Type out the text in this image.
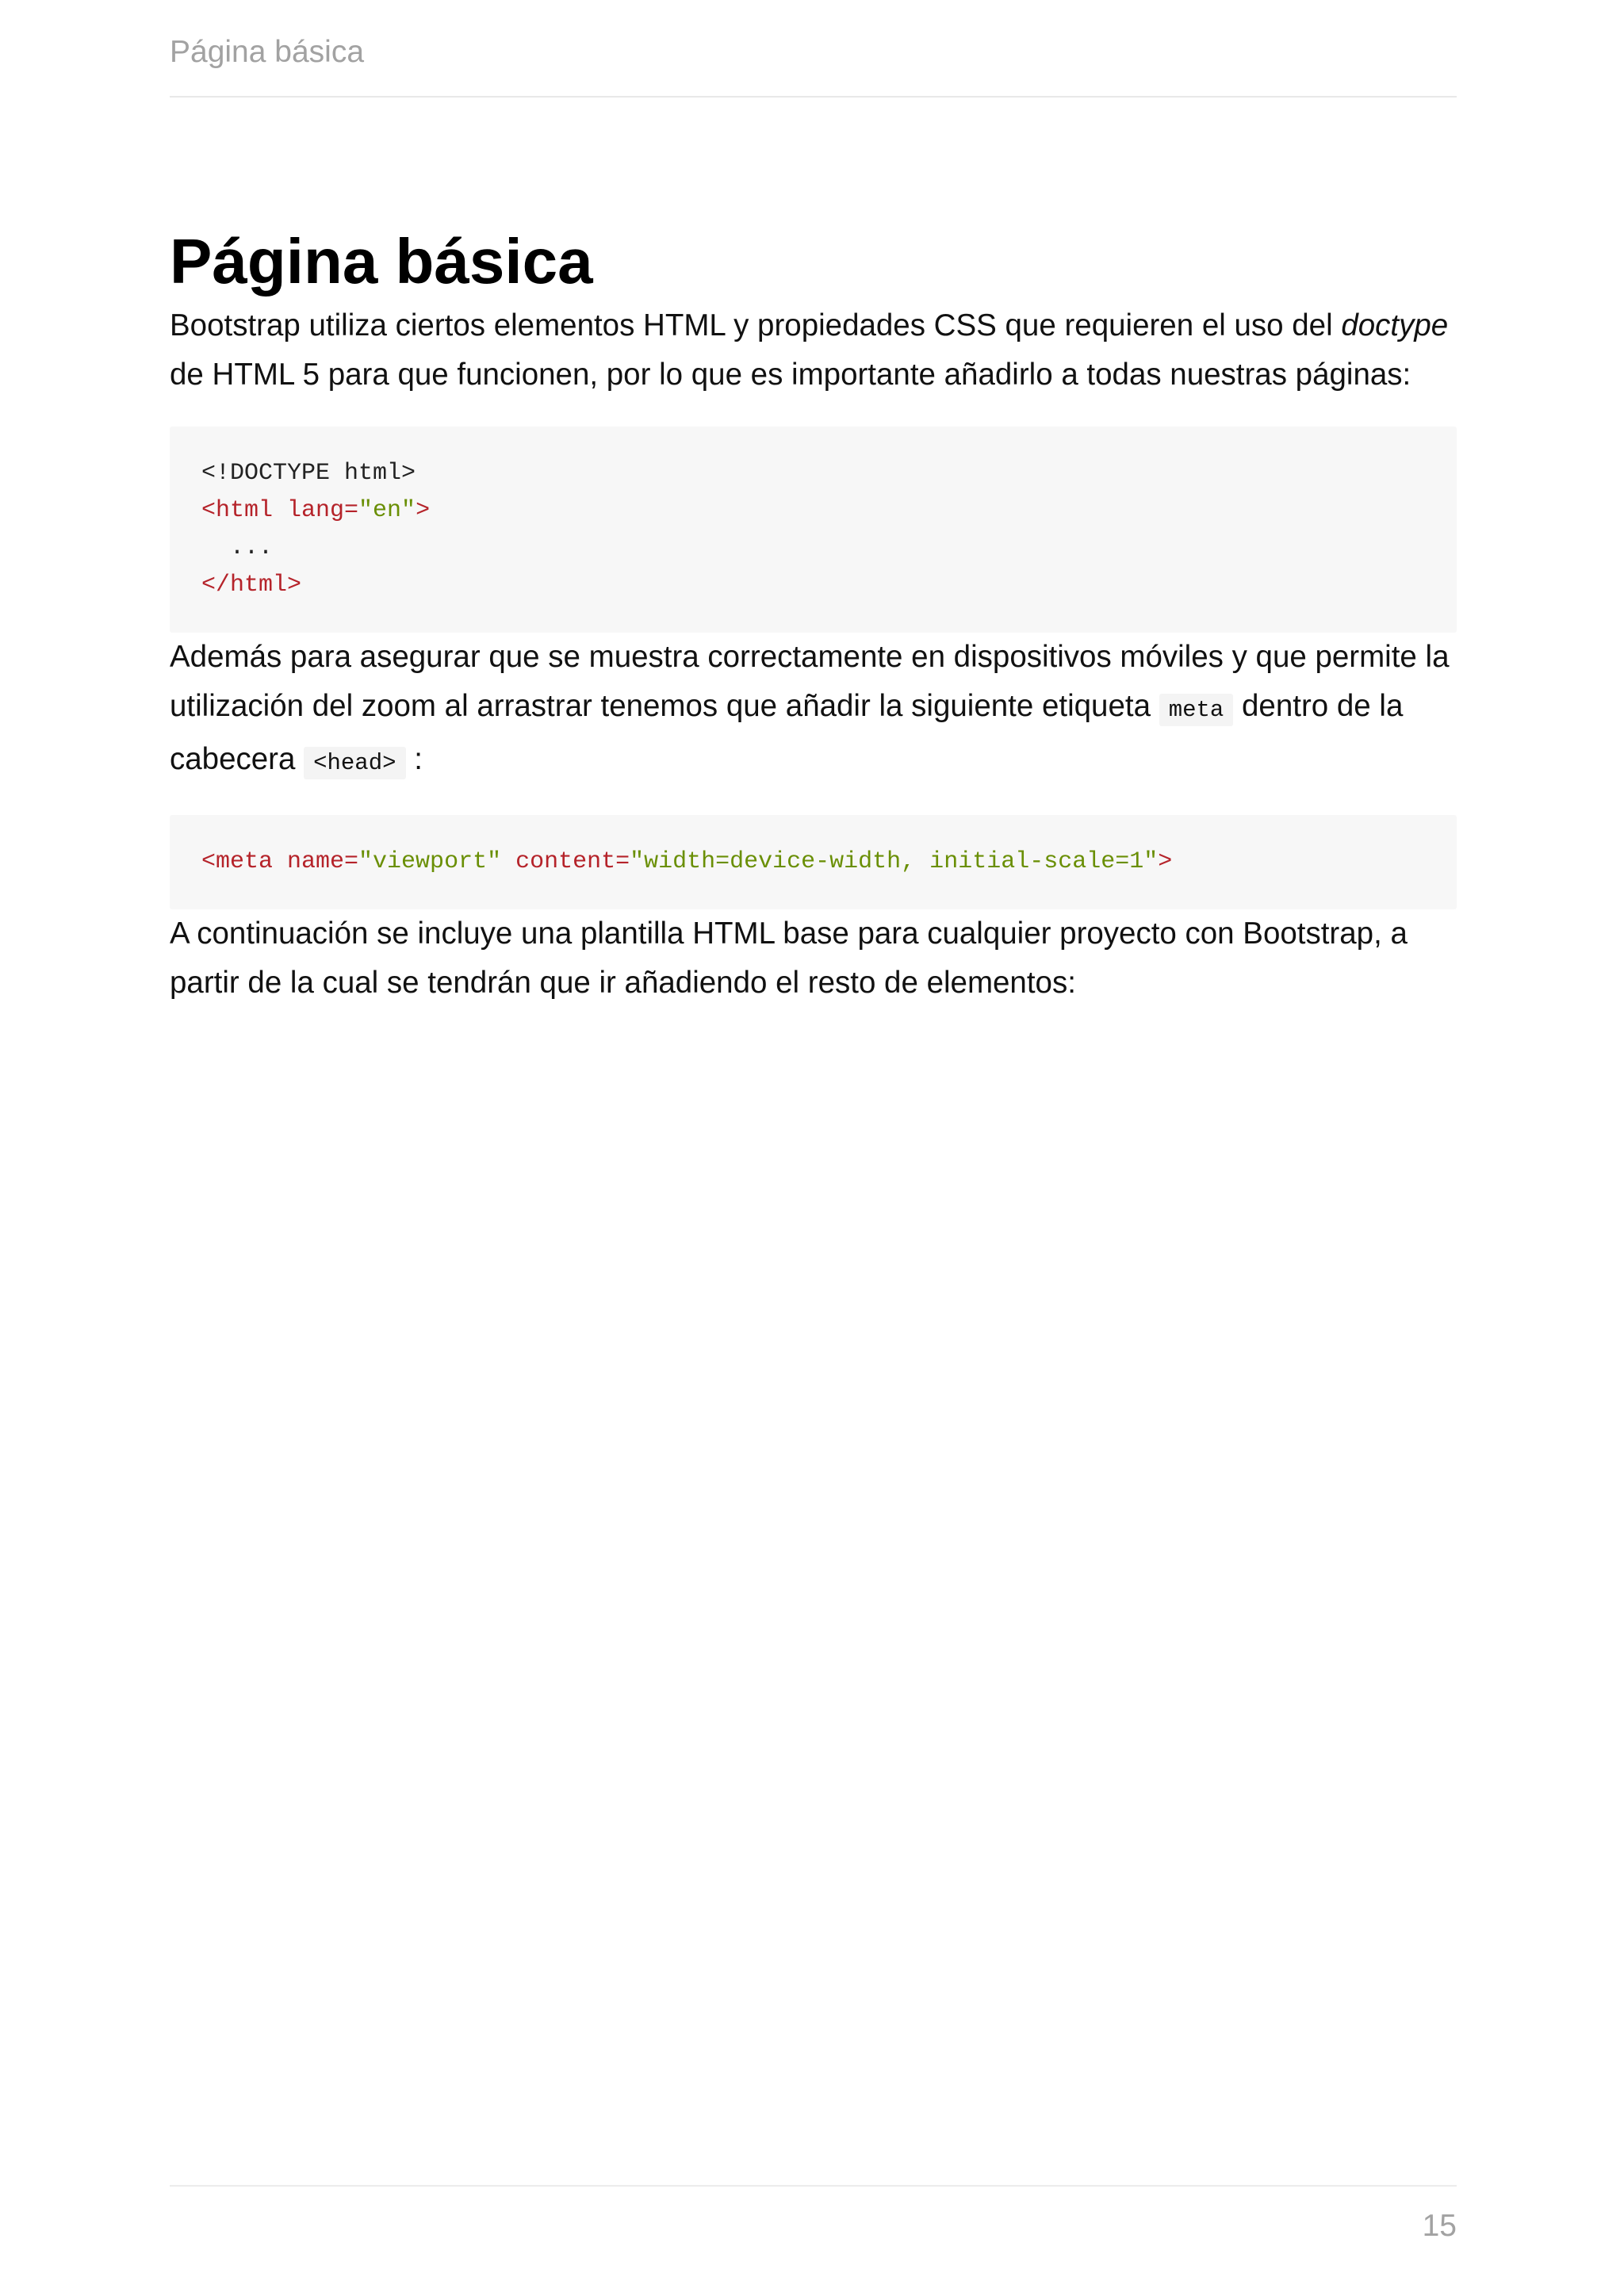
Página básica
Página básica

Bootstrap utiliza ciertos elementos HTML y propiedades CSS que requieren el uso del doctype de HTML 5 para que funcionen, por lo que es importante añadirlo a todas nuestras páginas:

<!DOCTYPE html>
<html lang="en">
...
</html>

Además para asegurar que se muestra correctamente en dispositivos móviles y que permite la utilización del zoom al arrastrar tenemos que añadir la siguiente etiqueta meta dentro de la cabecera <head> :

<meta name="viewport" content="width=device-width, initial-scale=1">

A continuación se incluye una plantilla HTML base para cualquier proyecto con Bootstrap, a partir de la cual se tendrán que ir añadiendo el resto de elementos:

15
